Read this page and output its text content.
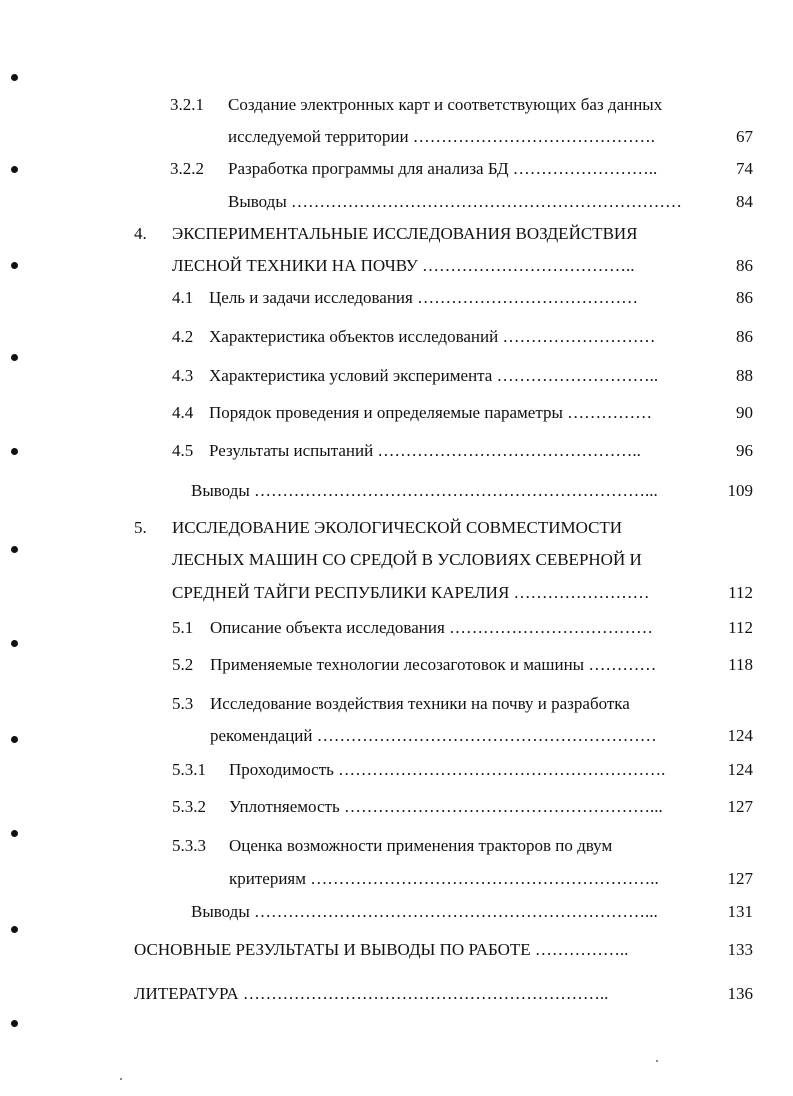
3.2.1 Создание электронных карт и соответствующих баз данных
исследуемой территории …………………………………….	67
3.2.2 Разработка программы для анализа БД ……………………..	74
Выводы ……………………………………………………………	84
4. ЭКСПЕРИМЕНТАЛЬНЫЕ ИССЛЕДОВАНИЯ ВОЗДЕЙСТВИЯ
ЛЕСНОЙ ТЕХНИКИ НА ПОЧВУ ………………………………..	86
4.1 Цель и задачи исследования …………………………………	86
4.2 Характеристика объектов исследований ………………………	86
4.3 Характеристика условий эксперимента ………………………..	88
4.4 Порядок проведения и определяемые параметры ……………	90
4.5 Результаты испытаний ………………………………………..	96
Выводы ……………………………………………………………...	109
5. ИССЛЕДОВАНИЕ ЭКОЛОГИЧЕСКОЙ СОВМЕСТИМОСТИ
ЛЕСНЫХ МАШИН СО СРЕДОЙ В УСЛОВИЯХ СЕВЕРНОЙ И
СРЕДНЕЙ ТАЙГИ РЕСПУБЛИКИ КАРЕЛИЯ ……………………	112
5.1 Описание объекта исследования ………………………………	112
5.2 Применяемые технологии лесозаготовок и машины …………	118
5.3 Исследование воздействия техники на почву и разработка
рекомендаций ……………………………………………………	124
5.3.1 Проходимость ………………………………………………….	124
5.3.2 Уплотняемость ………………………………………………...	127
5.3.3 Оценка возможности применения тракторов по двум
критериям ……………………………………………………..	127
Выводы ……………………………………………………………...	131
ОСНОВНЫЕ РЕЗУЛЬТАТЫ И ВЫВОДЫ ПО РАБОТЕ ……………..	133
ЛИТЕРАТУРА ………………………………………………………..	136
